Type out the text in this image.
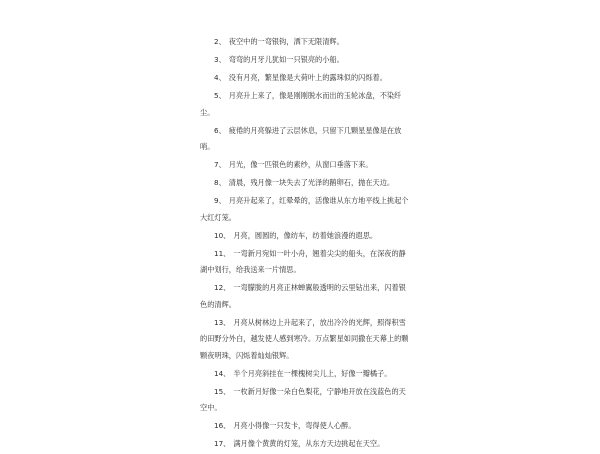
2、 夜空中的一弯银钩，洒下无限清辉。
3、 弯弯的月牙儿犹如一只银亮的小船。
4、 没有月亮，繁星像是大荷叶上的露珠似的闪烁着。
5、 月亮升上来了，像是刚刚脱水而出的玉轮冰盘，不染纤尘。
6、 疲倦的月亮躲进了云层休息，只留下几颗星星像是在放哨。
7、 月光，像一匹银色的素纱，从窗口垂落下来。
8、 清晨，残月像一块失去了光泽的鹅卵石，抛在天边。
9、 月亮升起来了，红晕晕的，活像谁从东方地平线上挑起个大红灯笼。
10、 月亮，圆圆的，像纺车，纺着她浪漫的遐思。
11、 一弯新月宛如一叶小舟，翘着尖尖的船头，在深夜的静湖中划行，给我送来一片情思。
12、 一弯朦胧的月亮正林蝉翼般透明的云里钻出来，闪着银色的清辉。
13、 月亮从树林边上升起来了，放出冷冷的光辉，照得积雪的田野分外白，越发使人感到寒冷。万点繁星如同撒在天幕上的颗颗夜明珠，闪烁着灿灿银辉。
14、 半个月亮斜挂在一棵槐树尖儿上，好像一瓣橘子。
15、 一枚新月好像一朵白色梨花，宁静地开放在浅蓝色的天空中。
16、 月亮小得像一只发卡，弯得使人心醉。
17、 满月像个黄黄的灯笼，从东方天边挑起在天空。
